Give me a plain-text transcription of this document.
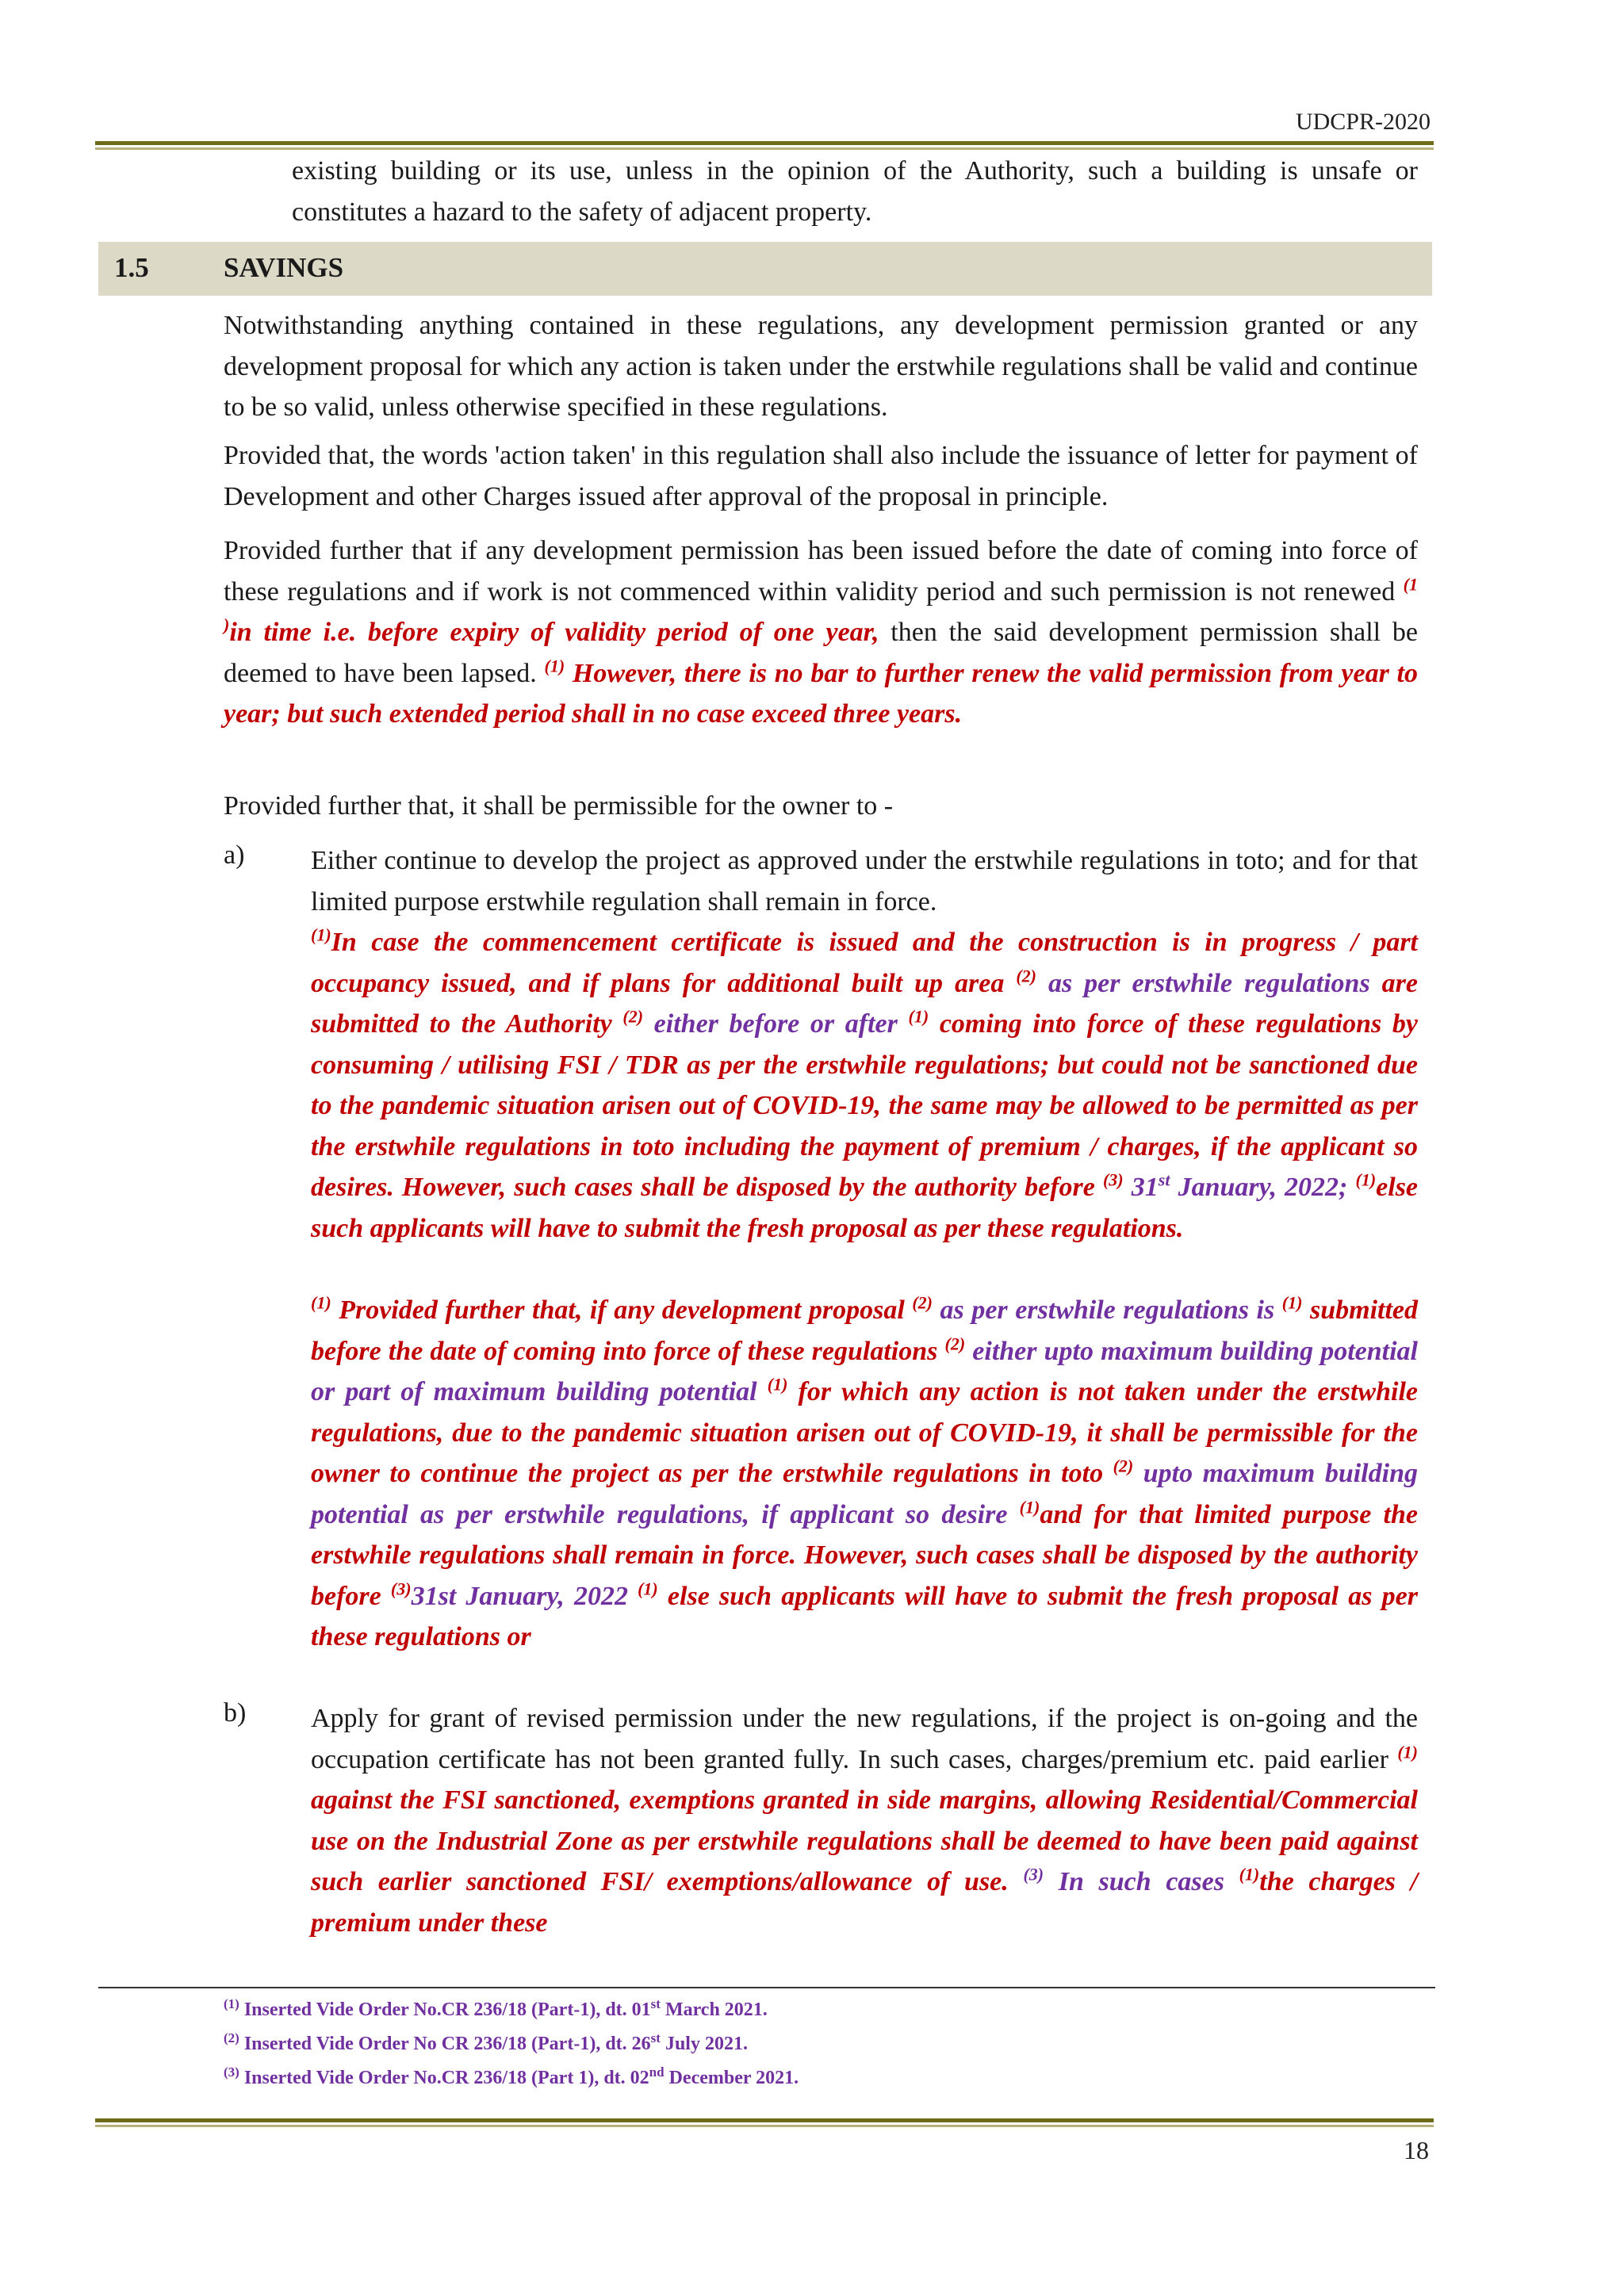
UDCPR-2020
existing building or its use, unless in the opinion of the Authority, such a building is unsafe or constitutes a hazard to the safety of adjacent property.
1.5	SAVINGS
Notwithstanding anything contained in these regulations, any development permission granted or any development proposal for which any action is taken under the erstwhile regulations shall be valid and continue to be so valid, unless otherwise specified in these regulations.
Provided that, the words 'action taken' in this regulation shall also include the issuance of letter for payment of Development and other Charges issued after approval of the proposal in principle.
Provided further that if any development permission has been issued before the date of coming into force of these regulations and if work is not commenced within validity period and such permission is not renewed $^{(1 )}$in time i.e. before expiry of validity period of one year, then the said development permission shall be deemed to have been lapsed. $^{(1)}$ However, there is no bar to further renew the valid permission from year to year; but such extended period shall in no case exceed three years.
Provided further that, it shall be permissible for the owner to -
a) Either continue to develop the project as approved under the erstwhile regulations in toto; and for that limited purpose erstwhile regulation shall remain in force.
$^{(1)}$In case the commencement certificate is issued and the construction is in progress / part occupancy issued, and if plans for additional built up area $^{(2)}$ as per erstwhile regulations are submitted to the Authority $^{(2)}$ either before or after $^{(1)}$ coming into force of these regulations by consuming / utilising FSI / TDR as per the erstwhile regulations; but could not be sanctioned due to the pandemic situation arisen out of COVID-19, the same may be allowed to be permitted as per the erstwhile regulations in toto including the payment of premium / charges, if the applicant so desires. However, such cases shall be disposed by the authority before $^{(3)}$ 31st January, 2022; $^{(1)}$else such applicants will have to submit the fresh proposal as per these regulations.
$^{(1)}$ Provided further that, if any development proposal $^{(2)}$ as per erstwhile regulations is $^{(1)}$ submitted before the date of coming into force of these regulations $^{(2)}$ either upto maximum building potential or part of maximum building potential $^{(1)}$ for which any action is not taken under the erstwhile regulations, due to the pandemic situation arisen out of COVID-19, it shall be permissible for the owner to continue the project as per the erstwhile regulations in toto $^{(2)}$ upto maximum building potential as per erstwhile regulations, if applicant so desire $^{(1)}$and for that limited purpose the erstwhile regulations shall remain in force. However, such cases shall be disposed by the authority before $^{(3)}$31st January, 2022 $^{(1)}$ else such applicants will have to submit the fresh proposal as per these regulations or
b) Apply for grant of revised permission under the new regulations, if the project is on-going and the occupation certificate has not been granted fully. In such cases, charges/premium etc. paid earlier $^{(1)}$ against the FSI sanctioned, exemptions granted in side margins, allowing Residential/Commercial use on the Industrial Zone as per erstwhile regulations shall be deemed to have been paid against such earlier sanctioned FSI/ exemptions/allowance of use. $^{(3)}$ In such cases $^{(1)}$the charges / premium under these
$^{(1)}$ Inserted Vide Order No.CR 236/18 (Part-1), dt. 01st March 2021.
$^{(2)}$ Inserted Vide Order No CR 236/18 (Part-1), dt. 26st July 2021.
$^{(3)}$ Inserted Vide Order No.CR 236/18 (Part 1), dt. 02nd December 2021.
18
